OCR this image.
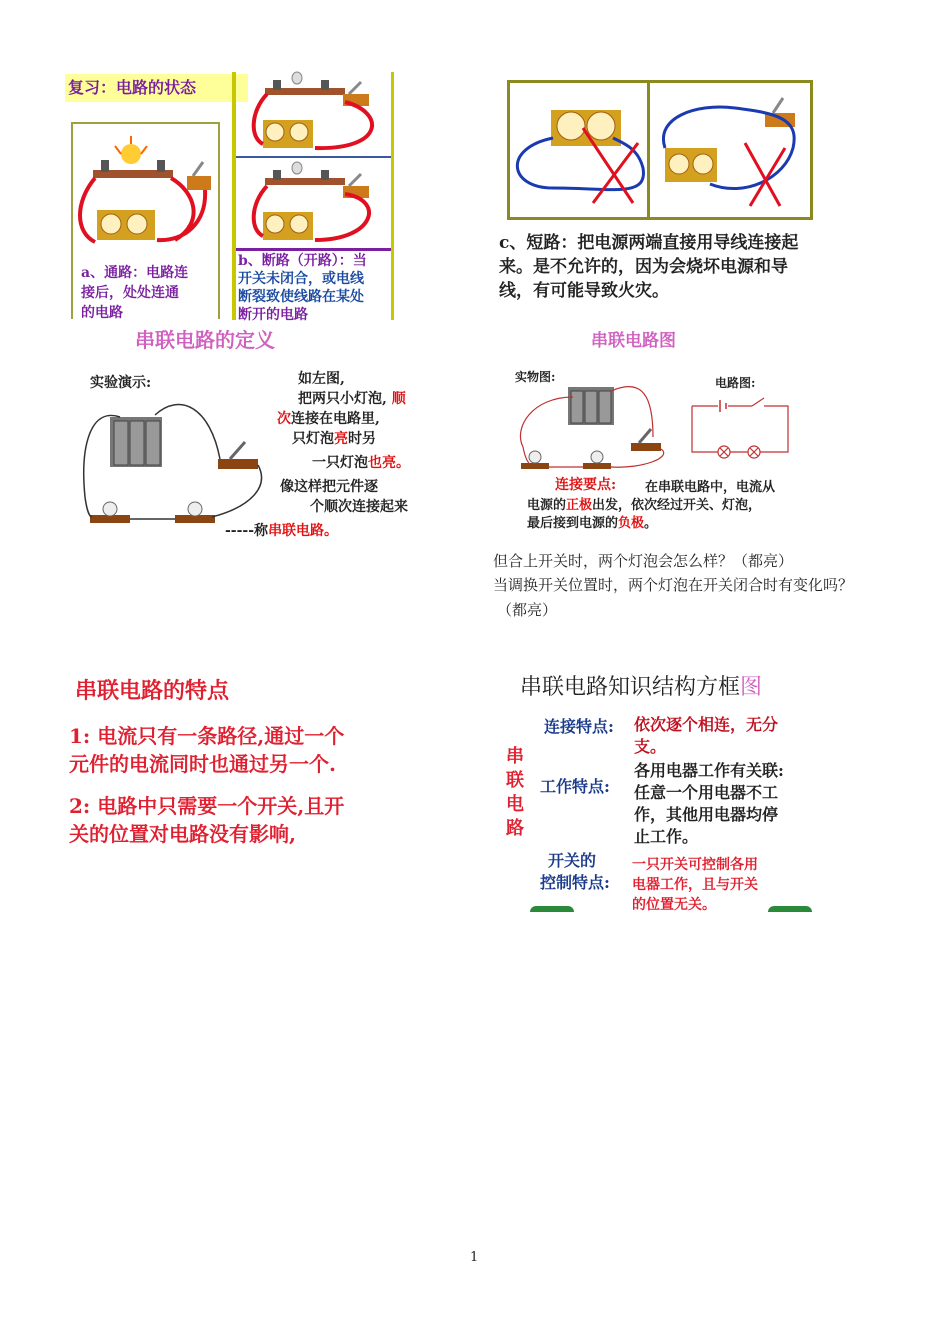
复习：电路的状态
a、通路：电路连
接后，处处连通
的电路
b、断路（开路）：当
开关未闭合，或电线
断裂致使线路在某处
断开的电路
c、短路：把电源两端直接用导线连接起
来。是不允许的，因为会烧坏电源和导
线，有可能导致火灾。
串联电路的定义
实验演示:	如左图,
把两只小灯泡, 顺
次连接在电路里,
只灯泡亮时另
一只灯泡也亮。
像这样把元件逐
个顺次连接起来
-----称串联电路。
串联电路图
实物图:	电路图:
连接要点: 在串联电路中，电流从
电源的正极出发，依次经过开关、灯泡，
最后接到电源的负极。
但合上开关时，两个灯泡会怎么样？（都亮）
当调换开关位置时，两个灯泡在开关闭合时有变化吗？
（都亮）
串联电路的特点
1: 电流只有一条路径,通过一个
元件的电流同时也通过另一个.
2: 电路中只需要一个开关,且开
关的位置对电路没有影响,
串联电路知识结构方框图
串
联
电
路
连接特点: 依次逐个相连，无分
支。
工作特点:
各用电器工作有关联:
任意一个用电器不工
作，其他用电器均停
止工作。
开关的
控制特点:
一只开关可控制各用
电器工作，且与开关
的位置无关。
1
